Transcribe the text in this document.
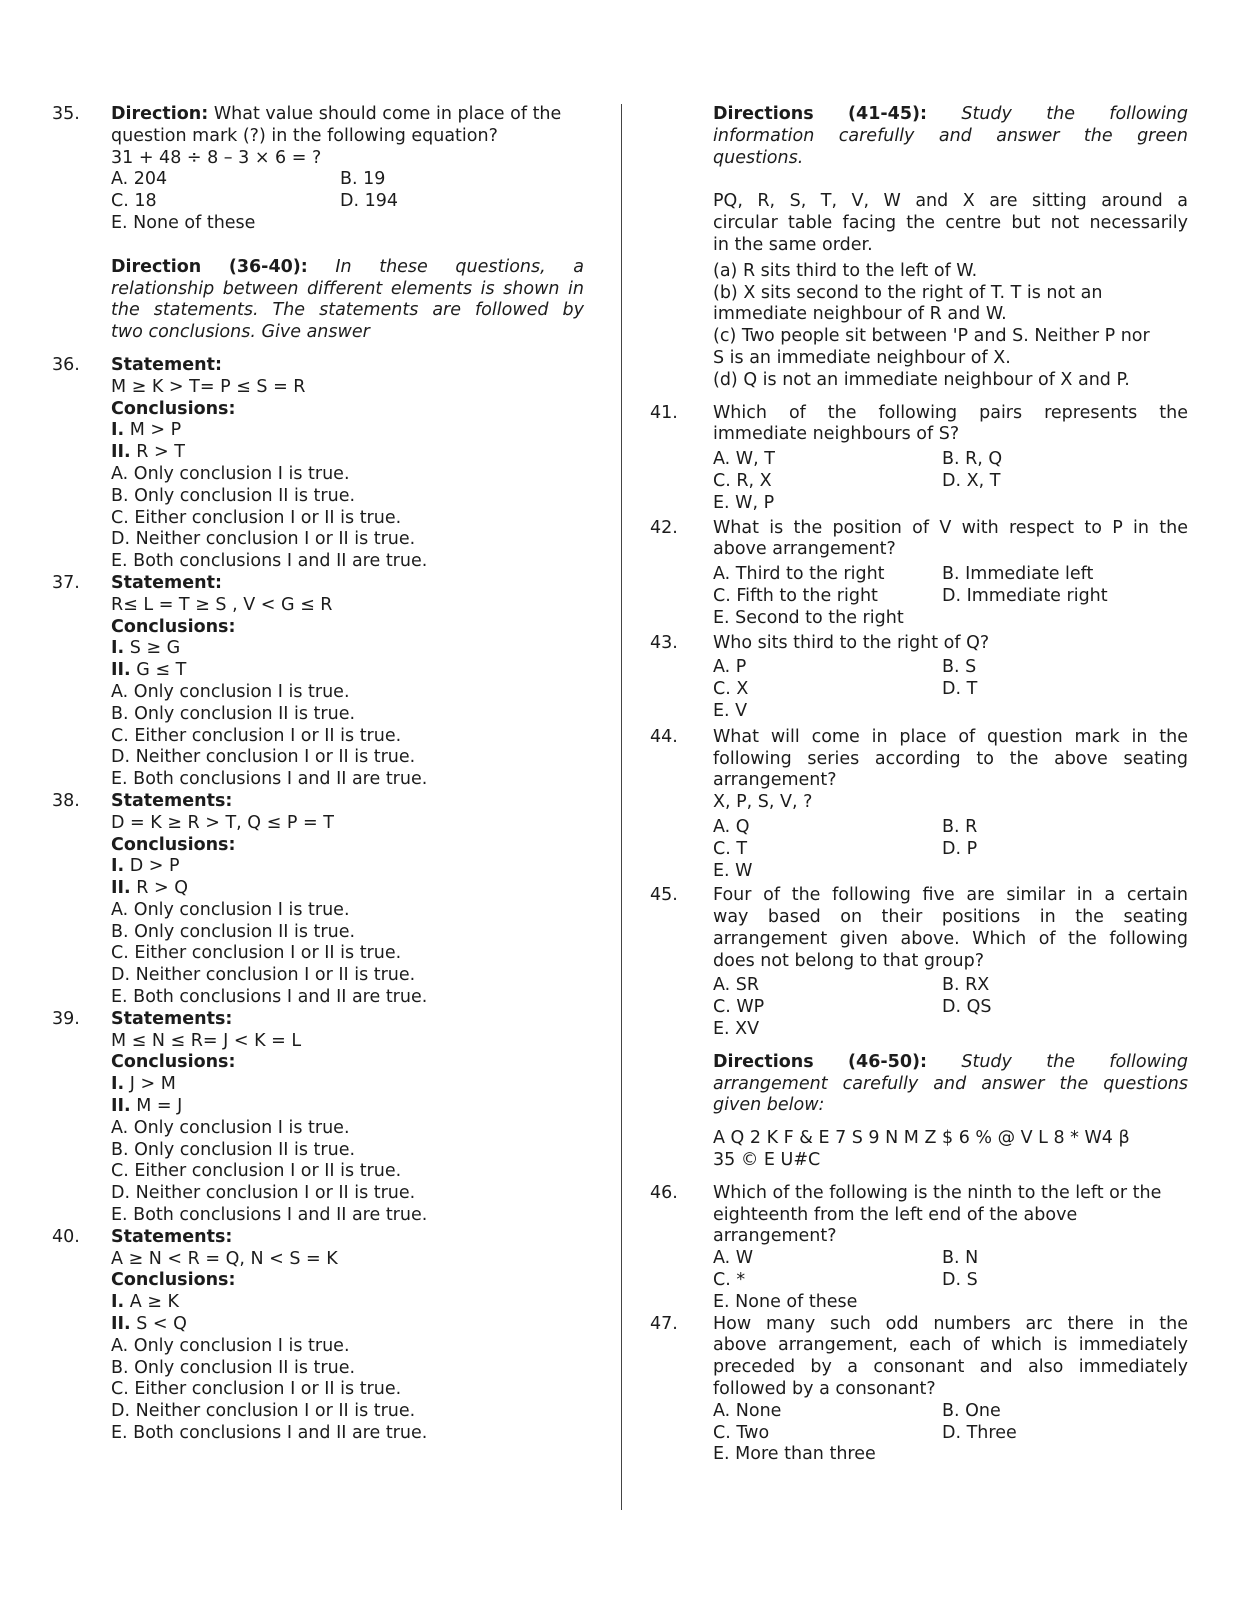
35. Direction: What value should come in place of the
question mark (?) in the following equation?
31 + 48 ÷ 8 – 3 × 6 = ?
A. 204	B. 19
C. 18	D. 194
E. None of these
Direction (36-40): In these questions, a
relationship between different elements is shown in
the statements. The statements are followed by
two conclusions. Give answer
36. Statement:
M ≥ K > T= P ≤ S = R
Conclusions:
I. M > P
II. R > T
A. Only conclusion I is true.
B. Only conclusion II is true.
C. Either conclusion I or II is true.
D. Neither conclusion I or II is true.
E. Both conclusions I and II are true.
37. Statement:
R≤ L = T ≥ S , V < G ≤ R
Conclusions:
I. S ≥ G
II. G ≤ T
A. Only conclusion I is true.
B. Only conclusion II is true.
C. Either conclusion I or II is true.
D. Neither conclusion I or II is true.
E. Both conclusions I and II are true.
38. Statements:
D = K ≥ R > T, Q ≤ P = T
Conclusions:
I. D > P
II. R > Q
A. Only conclusion I is true.
B. Only conclusion II is true.
C. Either conclusion I or II is true.
D. Neither conclusion I or II is true.
E. Both conclusions I and II are true.
39. Statements:
M ≤ N ≤ R= J < K = L
Conclusions:
I. J > M
II. M = J
A. Only conclusion I is true.
B. Only conclusion II is true.
C. Either conclusion I or II is true.
D. Neither conclusion I or II is true.
E. Both conclusions I and II are true.
40. Statements:
A ≥ N < R = Q, N < S = K
Conclusions:
I. A ≥ K
II. S < Q
A. Only conclusion I is true.
B. Only conclusion II is true.
C. Either conclusion I or II is true.
D. Neither conclusion I or II is true.
E. Both conclusions I and II are true.
Directions (41-45): Study the following
information carefully and answer the green
questions.
PQ, R, S, T, V, W and X are sitting around a
circular table facing the centre but not necessarily
in the same order.
(a) R sits third to the left of W.
(b) X sits second to the right of T. T is not an
immediate neighbour of R and W.
(c) Two people sit between 'P and S. Neither P nor
S is an immediate neighbour of X.
(d) Q is not an immediate neighbour of X and P.
41. Which of the following pairs represents the
immediate neighbours of S?
A. W, T	B. R, Q
C. R, X	D. X, T
E. W, P
42. What is the position of V with respect to P in the
above arrangement?
A. Third to the right	B. Immediate left
C. Fifth to the right	D. Immediate right
E. Second to the right
43. Who sits third to the right of Q?
A. P	B. S
C. X	D. T
E. V
44. What will come in place of question mark in the
following series according to the above seating
arrangement?
X, P, S, V, ?
A. Q	B. R
C. T	D. P
E. W
45. Four of the following five are similar in a certain
way based on their positions in the seating
arrangement given above. Which of the following
does not belong to that group?
A. SR	B. RX
C. WP	D. QS
E. XV
Directions (46-50): Study the following
arrangement carefully and answer the questions
given below:
A Q 2 K F & E 7 S 9 N M Z $ 6 % @ V L 8 * W4 β
35 © E U#C
46. Which of the following is the ninth to the left or the
eighteenth from the left end of the above
arrangement?
A. W	B. N
C. *	D. S
E. None of these
47. How many such odd numbers arc there in the
above arrangement, each of which is immediately
preceded by a consonant and also immediately
followed by a consonant?
A. None	B. One
C. Two	D. Three
E. More than three
